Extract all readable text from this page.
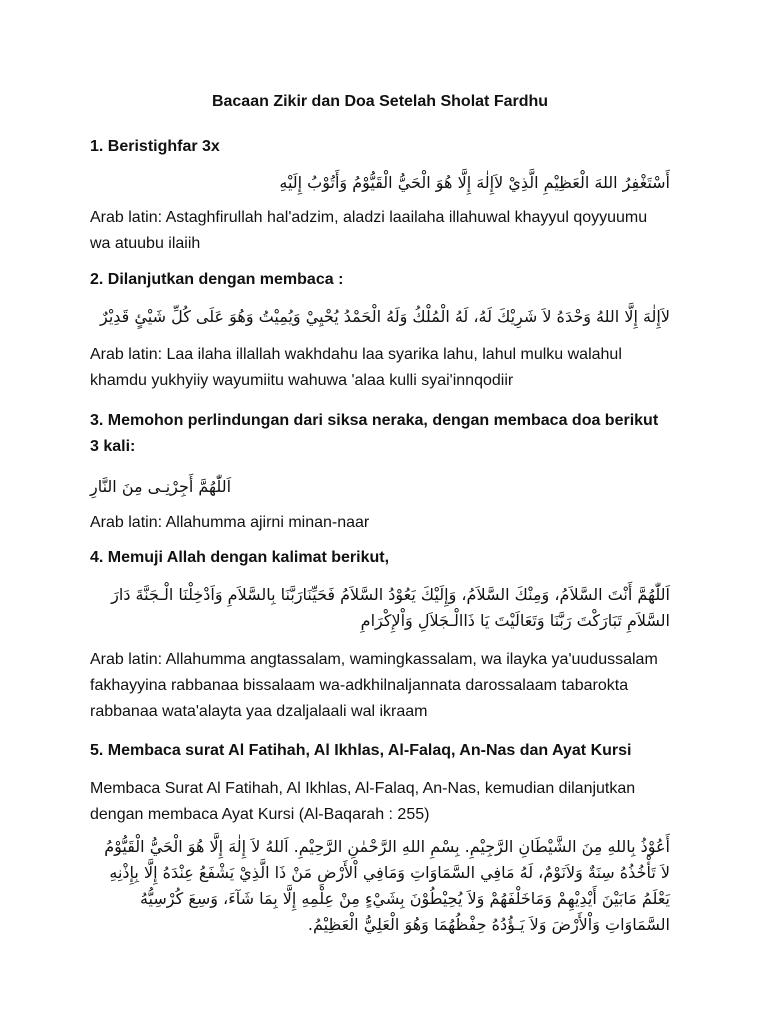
Bacaan Zikir dan Doa Setelah Sholat Fardhu
1. Beristighfar 3x
أَسْتَغْفِرُ اللهَ الْعَظِيْمِ الَّذِيْ لاَإِلٰهَ إِلَّا هُوَ الْحَيُّ الْقَيُّوْمُ وَأَتُوْبُ إِلَيْهِ
Arab latin: Astaghfirullah hal'adzim, aladzi laailaha illahuwal khayyul qoyyuumu wa atuubu ilaiih
2. Dilanjutkan dengan membaca :
لاَإِلٰهَ إِلَّا اللهُ وَحْدَهُ لاَ شَرِيْكَ لَهُ، لَهُ الْمُلْكُ وَلَهُ الْحَمْدُ يُحْيِيْ وَيُمِيْتُ وَهُوَ عَلَى كُلِّ شَيْئٍ قَدِيْرٌ
Arab latin: Laa ilaha illallah wakhdahu laa syarika lahu, lahul mulku walahul khamdu yukhyiiy wayumiitu wahuwa 'alaa kulli syai'innqodiir
3. Memohon perlindungan dari siksa neraka, dengan membaca doa berikut 3 kali:
اَللّٰهُمَّ أَجِرْنِـى مِنَ النَّارِ
Arab latin: Allahumma ajirni minan-naar
4. Memuji Allah dengan kalimat berikut,
اَللّٰهُمَّ أَنْتَ السَّلاَمُ، وَمِنْكَ السَّلاَمُ، وَإِلَيْكَ يَعُوْدُ السَّلاَمُ فَحَيِّنَارَبَّنَا بِالسَّلاَمِ وَاَدْخِلْنَا الْـجَنَّةَ دَارَ السَّلاَمِ تَبَارَكْتَ رَبَّنَا وَتَعَالَيْتَ يَا ذَاالْـجَلاَلِ وَاْلإِكْرَامِ
Arab latin: Allahumma angtassalam, wamingkassalam, wa ilayka ya'uudussalam fakhayyina rabbanaa bissalaam wa-adkhilnaljannata darossalaam tabarokta rabbanaa wata'alayta yaa dzaljalaali wal ikraam
5. Membaca surat Al Fatihah, Al Ikhlas, Al-Falaq, An-Nas dan Ayat Kursi
Membaca Surat Al Fatihah, Al Ikhlas, Al-Falaq, An-Nas, kemudian dilanjutkan dengan membaca Ayat Kursi (Al-Baqarah : 255)
أَعُوْذُ بِاللهِ مِنَ الشَّيْطَانِ الرَّجِيْمِ. بِسْمِ اللهِ الرَّحْمٰنِ الرَّحِيْمِ. اَللهُ لاَ إِلٰهَ إِلَّا هُوَ الْحَيُّ الْقَيُّوْمُ لاَ تَأْخُذُهُ سِنَةٌ وَلاَنَوْمٌ، لَهُ مَافِي السَّمَاوَاتِ وَمَافِي اْلأَرْضِ مَنْ ذَا الَّذِيْ يَشْفَعُ عِنْدَهُ إِلَّا بِإِذْنِهِ يَعْلَمُ مَابَيْنَ أَيْدِيْهِمْ وَمَاخَلْفَهُمْ وَلاَ يُحِيْطُوْنَ بِشَيْءٍ مِنْ عِلْمِهِ إِلَّا بِمَا شَآءَ، وَسِعَ كُرْسِيُّهُ السَّمَاوَاتِ وَاْلأَرْضَ وَلاَ يَـؤُدُهُ حِفْظُهُمَا وَهُوَ الْعَلِيُّ الْعَظِيْمُ.
